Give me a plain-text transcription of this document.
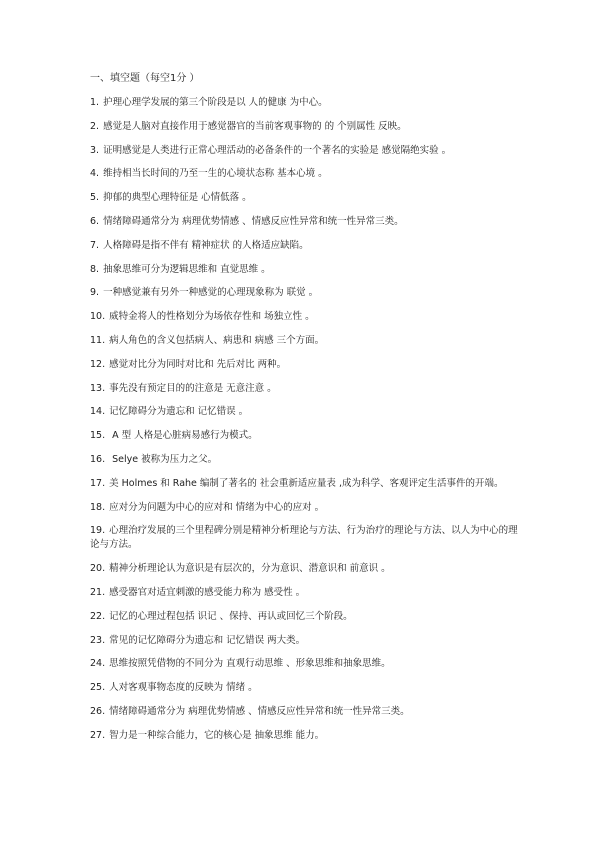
一、填空题（每空1分 ）
1. 护理心理学发展的第三个阶段是以 人的健康 为中心。
2. 感觉是人脑对直接作用于感觉器官的当前客观事物的 的 个别属性 反映。
3. 证明感觉是人类进行正常心理活动的必备条件的一个著名的实验是 感觉隔绝实验 。
4. 维持相当长时间的乃至一生的心境状态称 基本心境 。
5. 抑郁的典型心理特征是 心情低落 。
6. 情绪障碍通常分为 病理优势情感 、情感反应性异常和统一性异常三类。
7. 人格障碍是指不伴有 精神症状 的人格适应缺陷。
8. 抽象思维可分为逻辑思维和 直觉思维 。
9. 一种感觉兼有另外一种感觉的心理现象称为 联觉 。
10. 威特金将人的性格划分为场依存性和 场独立性 。
11. 病人角色的含义包括病人、病患和 病感 三个方面。
12. 感觉对比分为同时对比和 先后对比 两种。
13. 事先没有预定目的的注意是 无意注意 。
14. 记忆障碍分为遗忘和 记忆错误 。
15. A 型 人格是心脏病易感行为模式。
16. Selye 被称为压力之父。
17. 美 Holmes 和 Rahe 编制了著名的 社会重新适应量表 ,成为科学、客观评定生活事件的开端。
18. 应对分为问题为中心的应对和 情绪为中心的应对 。
19. 心理治疗发展的三个里程碑分别是精神分析理论与方法、行为治疗的理论与方法、以人为中心的理论与方法。
20. 精神分析理论认为意识是有层次的，分为意识、潜意识和 前意识 。
21. 感受器官对适宜刺激的感受能力称为 感受性 。
22. 记忆的心理过程包括 识记 、保持、再认或回忆三个阶段。
23. 常见的记忆障碍分为遗忘和 记忆错误 两大类。
24. 思维按照凭借物的不同分为 直观行动思维 、形象思维和抽象思维。
25. 人对客观事物态度的反映为 情绪 。
26. 情绪障碍通常分为 病理优势情感 、情感反应性异常和统一性异常三类。
27. 智力是一种综合能力，它的核心是 抽象思维 能力。
